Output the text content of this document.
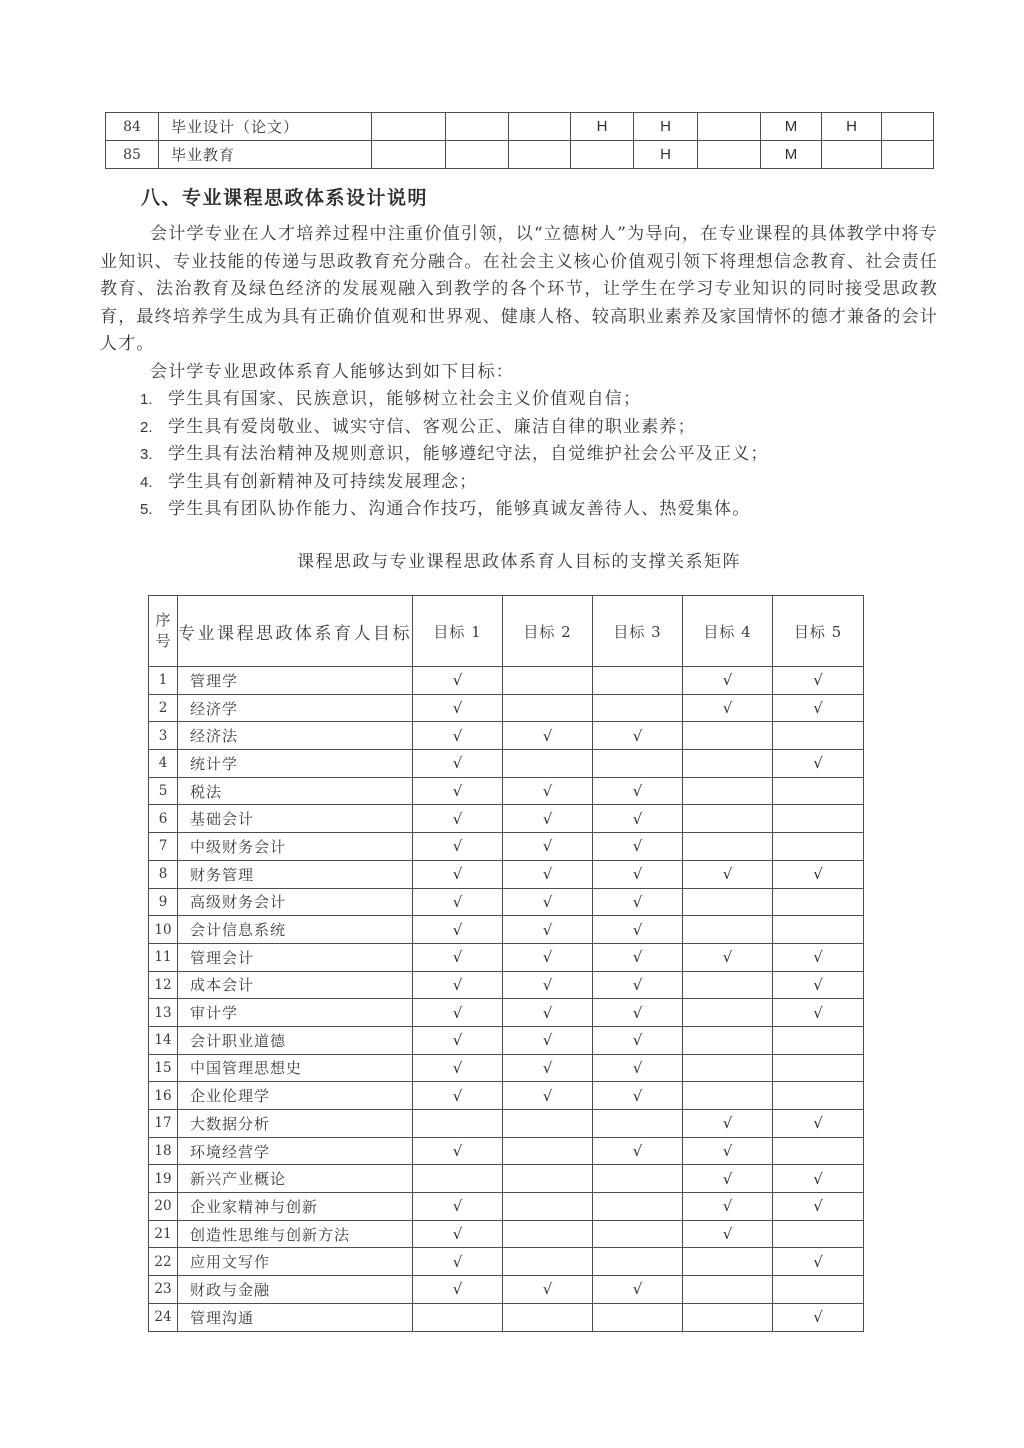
84	毕业设计（论文）				H	H		M	H	
85	毕业教育					H		M		
八、专业课程思政体系设计说明

会计学专业在人才培养过程中注重价值引领，以“立德树人”为导向，在专业课程的具体教学中将专业知识、专业技能的传递与思政教育充分融合。在社会主义核心价值观引领下将理想信念教育、社会责任教育、法治教育及绿色经济的发展观融入到教学的各个环节，让学生在学习专业知识的同时接受思政教育，最终培养学生成为具有正确价值观和世界观、健康人格、较高职业素养及家国情怀的德才兼备的会计人才。

会计学专业思政体系育人能够达到如下目标：

1. 学生具有国家、民族意识，能够树立社会主义价值观自信；
2. 学生具有爱岗敬业、诚实守信、客观公正、廉洁自律的职业素养；
3. 学生具有法治精神及规则意识，能够遵纪守法，自觉维护社会公平及正义；
4. 学生具有创新精神及可持续发展理念；
5. 学生具有团队协作能力、沟通合作技巧，能够真诚友善待人、热爱集体。

课程思政与专业课程思政体系育人目标的支撑关系矩阵

序号	专业课程思政体系育人目标	目标 1	目标 2	目标 3	目标 4	目标 5
1	管理学	√			√	√
2	经济学	√			√	√
3	经济法	√	√	√		
4	统计学	√				√
5	税法	√	√	√		
6	基础会计	√	√	√		
7	中级财务会计	√	√	√		
8	财务管理	√	√	√	√	√
9	高级财务会计	√	√	√		
10	会计信息系统	√	√	√		
11	管理会计	√	√	√	√	√
12	成本会计	√	√	√		√
13	审计学	√	√	√		√
14	会计职业道德	√	√	√		
15	中国管理思想史	√	√	√		
16	企业伦理学	√	√	√		
17	大数据分析				√	√
18	环境经营学	√		√	√	
19	新兴产业概论				√	√
20	企业家精神与创新	√			√	√
21	创造性思维与创新方法	√			√	
22	应用文写作	√				√
23	财政与金融	√	√	√		
24	管理沟通					√
